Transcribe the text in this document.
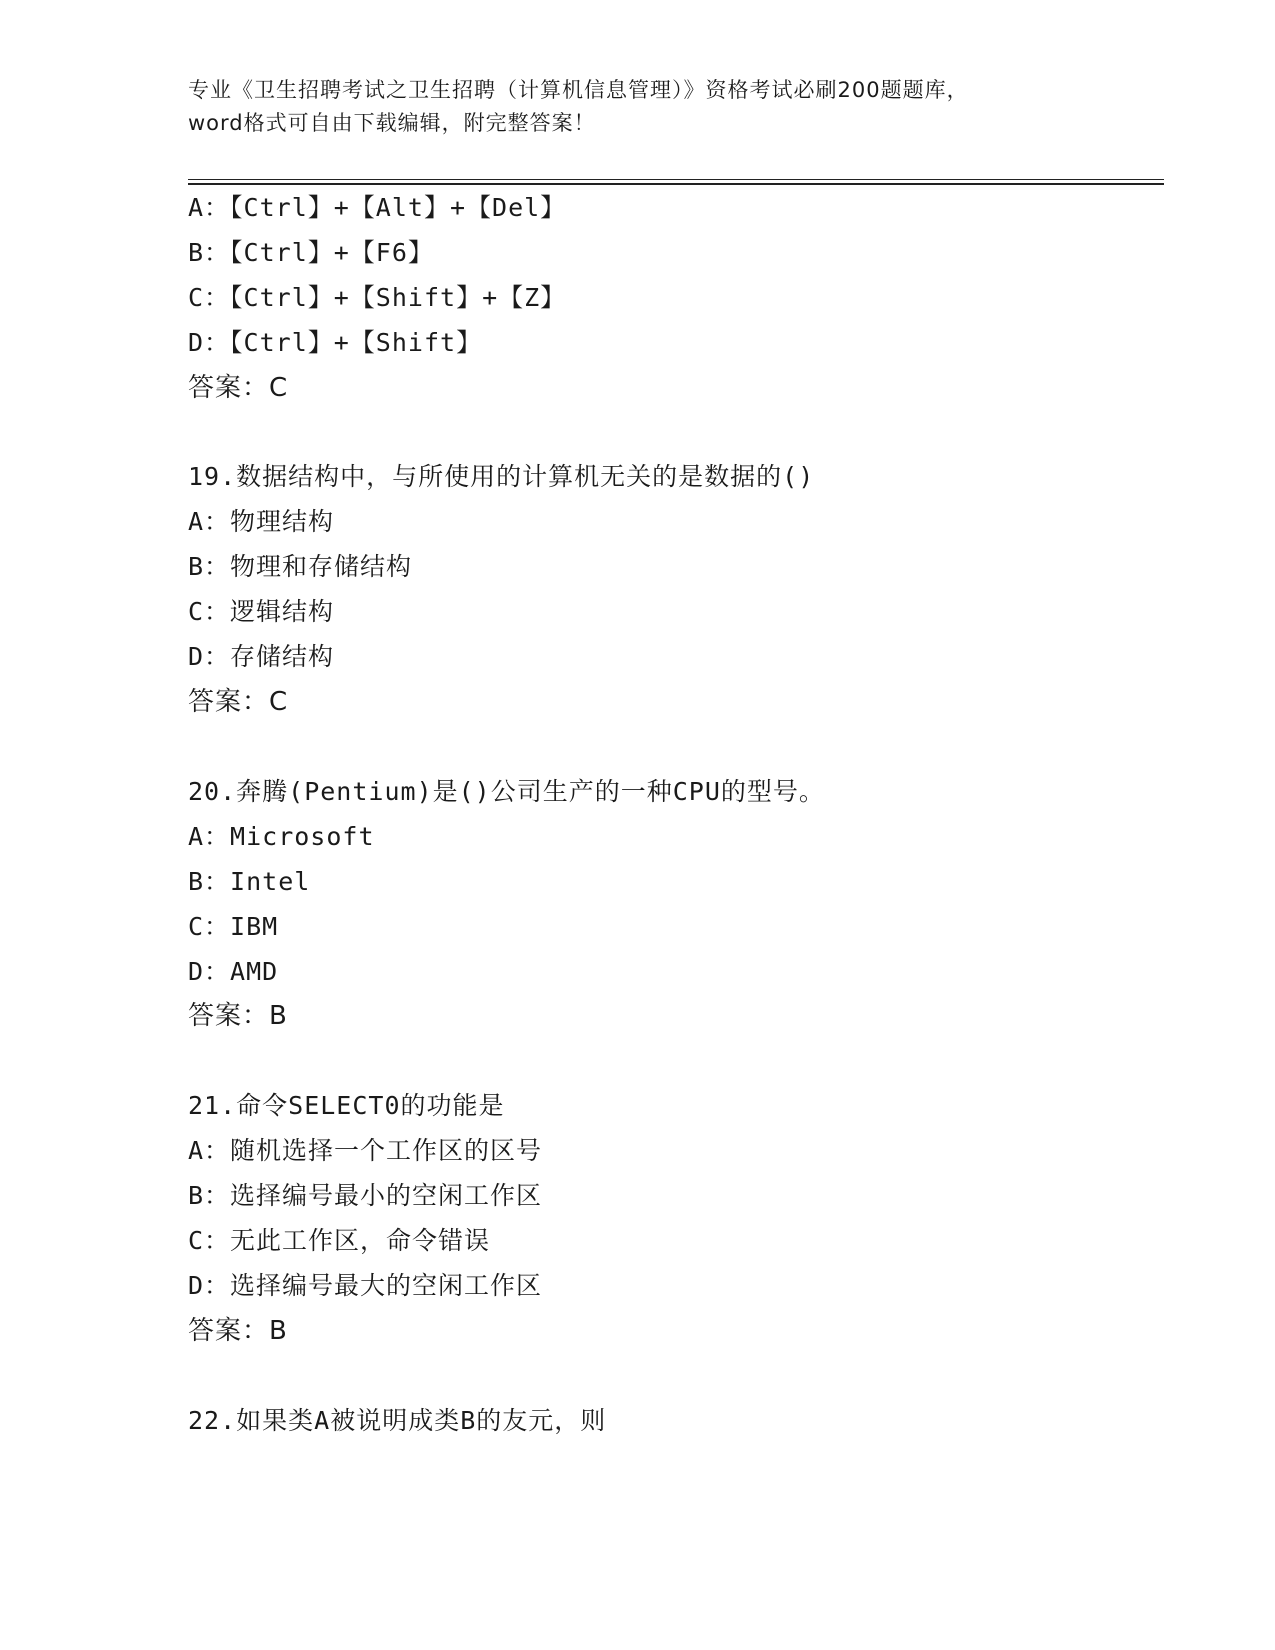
专业《卫生招聘考试之卫生招聘（计算机信息管理）》资格考试必刷200题题库，
word格式可自由下载编辑，附完整答案！
A：【Ctrl】+【Alt】+【Del】
B：【Ctrl】+【F6】
C：【Ctrl】+【Shift】+【Z】
D：【Ctrl】+【Shift】
答案：C
19.数据结构中，与所使用的计算机无关的是数据的()
A：物理结构
B：物理和存储结构
C：逻辑结构
D：存储结构
答案：C
20.奔腾(Pentium)是()公司生产的一种CPU的型号。
A：Microsoft
B：Intel
C：IBM
D：AMD
答案：B
21.命令SELECT0的功能是
A：随机选择一个工作区的区号
B：选择编号最小的空闲工作区
C：无此工作区，命令错误
D：选择编号最大的空闲工作区
答案：B
22.如果类A被说明成类B的友元，则
